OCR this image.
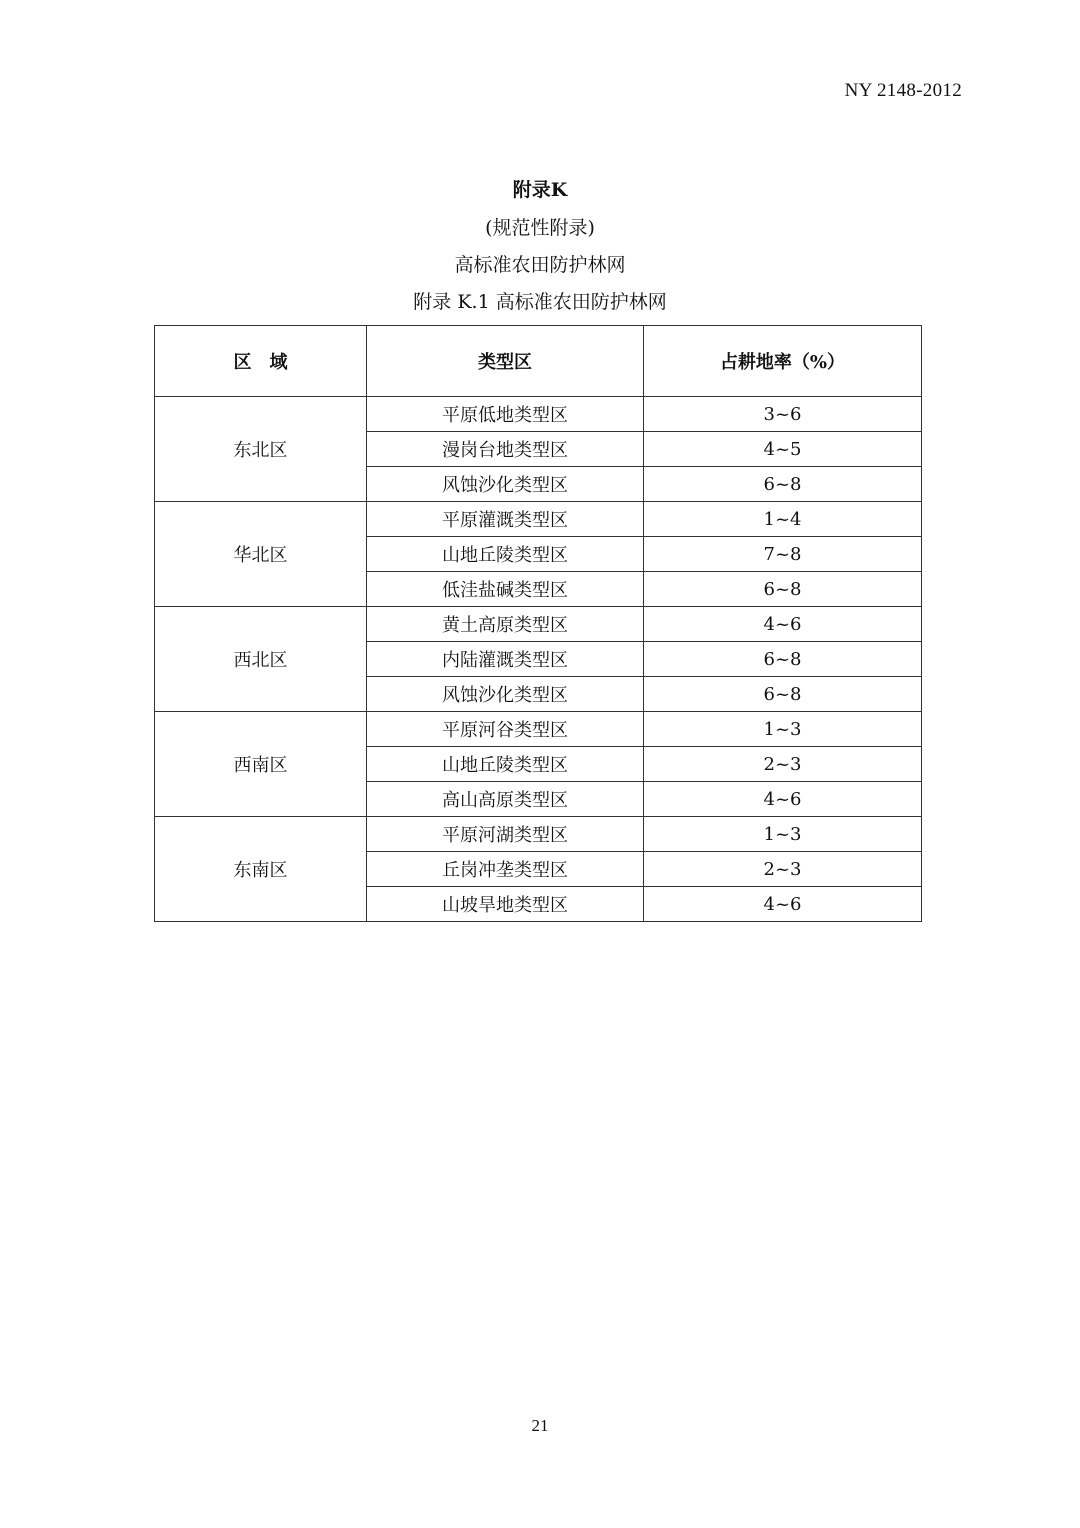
NY 2148-2012
附录K
(规范性附录)
高标准农田防护林网
附录 K.1 高标准农田防护林网
区　域	类型区	占耕地率（%）
东北区	平原低地类型区	3~6
	漫岗台地类型区	4~5
	风蚀沙化类型区	6~8
华北区	平原灌溉类型区	1~4
	山地丘陵类型区	7~8
	低洼盐碱类型区	6~8
西北区	黄土高原类型区	4~6
	内陆灌溉类型区	6~8
	风蚀沙化类型区	6~8
西南区	平原河谷类型区	1~3
	山地丘陵类型区	2~3
	高山高原类型区	4~6
东南区	平原河湖类型区	1~3
	丘岗冲垄类型区	2~3
	山坡旱地类型区	4~6
21
